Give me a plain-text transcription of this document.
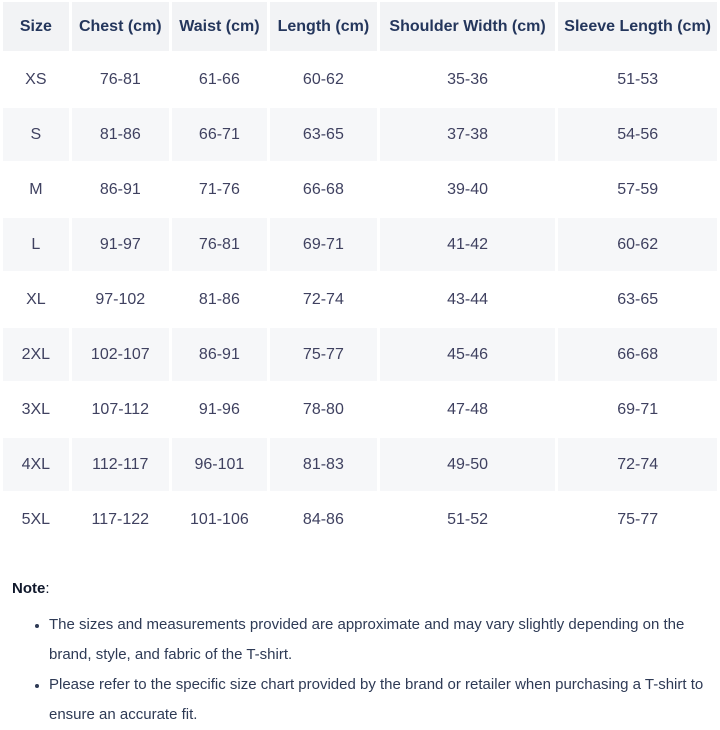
Size	Chest (cm)	Waist (cm)	Length (cm)	Shoulder Width (cm)	Sleeve Length (cm)
XS	76-81	61-66	60-62	35-36	51-53
S	81-86	66-71	63-65	37-38	54-56
M	86-91	71-76	66-68	39-40	57-59
L	91-97	76-81	69-71	41-42	60-62
XL	97-102	81-86	72-74	43-44	63-65
2XL	102-107	86-91	75-77	45-46	66-68
3XL	107-112	91-96	78-80	47-48	69-71
4XL	112-117	96-101	81-83	49-50	72-74
5XL	117-122	101-106	84-86	51-52	75-77

Note:

• The sizes and measurements provided are approximate and may vary slightly depending on the brand, style, and fabric of the T-shirt.
• Please refer to the specific size chart provided by the brand or retailer when purchasing a T-shirt to ensure an accurate fit.
